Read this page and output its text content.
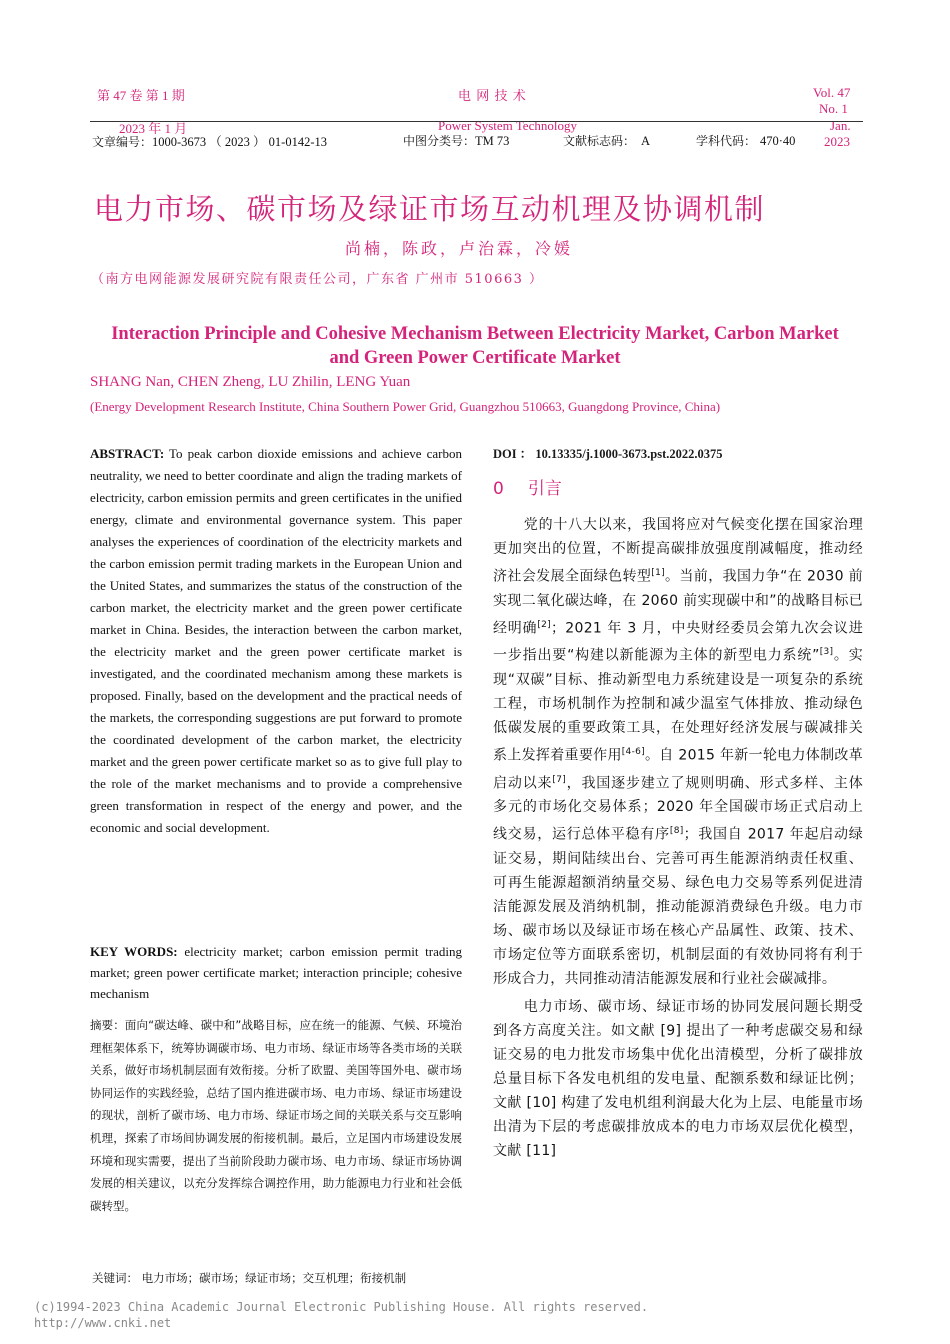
第 47 卷 第 1 期
2023 年 1 月
电 网 技 术
Power System Technology
Vol. 47
No. 1
Jan.
2023
文章编号：1000-3673 （ 2023 ） 01-0142-13	中图分类号：TM 73	文献标志码： A	学科代码： 470·40
电力市场、碳市场及绿证市场互动机理及协调机制
尚楠，陈政，卢治霖，冷媛
（南方电网能源发展研究院有限责任公司，广东省 广州市 510663 ）
Interaction Principle and Cohesive Mechanism Between Electricity Market, Carbon Market
and Green Power Certificate Market
SHANG Nan, CHEN Zheng, LU Zhilin, LENG Yuan
(Energy Development Research Institute, China Southern Power Grid, Guangzhou 510663, Guangdong Province, China)
ABSTRACT: To peak carbon dioxide emissions and achieve carbon neutrality, we need to better coordinate and align the trading markets of electricity, carbon emission permits and green certificates in the unified energy, climate and environmental governance system. This paper analyses the experiences of coordination of the electricity markets and the carbon emission permit trading markets in the European Union and the United States, and summarizes the status of the construction of the carbon market, the electricity market and the green power certificate market in China. Besides, the interaction between the carbon market, the electricity market and the green power certificate market is investigated, and the coordinated mechanism among these markets is proposed. Finally, based on the development and the practical needs of the markets, the corresponding suggestions are put forward to promote the coordinated development of the carbon market, the electricity market and the green power certificate market so as to give full play to the role of the market mechanisms and to provide a comprehensive green transformation in respect of the energy and power, and the economic and social development.
KEY WORDS: electricity market; carbon emission permit trading market; green power certificate market; interaction principle; cohesive mechanism
摘要：面向“碳达峰、碳中和”战略目标，应在统一的能源、气候、环境治理框架体系下，统筹协调碳市场、电力市场、绿证市场等各类市场的关联关系，做好市场机制层面有效衔接。分析了欧盟、美国等国外电、碳市场协同运作的实践经验，总结了国内推进碳市场、电力市场、绿证市场建设的现状，剖析了碳市场、电力市场、绿证市场之间的关联关系与交互影响机理，探索了市场间协调发展的衔接机制。最后，立足国内市场建设发展环境和现实需要，提出了当前阶段助力碳市场、电力市场、绿证市场协调发展的相关建议，以充分发挥综合调控作用，助力能源电力行业和社会低碳转型。
关键词： 电力市场；碳市场；绿证市场；交互机理；衔接机制
DOI ： 10.13335/j.1000-3673.pst.2022.0375
0 引言

党的十八大以来，我国将应对气候变化摆在国家治理更加突出的位置，不断提高碳排放强度削减幅度，推动经济社会发展全面绿色转型[1]。当前，我国力争“在 2030 前实现二氧化碳达峰，在 2060 前实现碳中和”的战略目标已经明确[2]；2021 年 3 月，中央财经委员会第九次会议进一步指出要“构建以新能源为主体的新型电力系统”[3]。实现“双碳”目标、推动新型电力系统建设是一项复杂的系统工程，市场机制作为控制和减少温室气体排放、推动绿色低碳发展的重要政策工具，在处理好经济发展与碳减排关系上发挥着重要作用[4-6]。自 2015 年新一轮电力体制改革启动以来[7]，我国逐步建立了规则明确、形式多样、主体多元的市场化交易体系；2020 年全国碳市场正式启动上线交易，运行总体平稳有序[8]；我国自 2017 年起启动绿证交易，期间陆续出台、完善可再生能源消纳责任权重、可再生能源超额消纳量交易、绿色电力交易等系列促进清洁能源发展及消纳机制，推动能源消费绿色升级。电力市场、碳市场以及绿证市场在核心产品属性、政策、技术、市场定位等方面联系密切，机制层面的有效协同将有利于形成合力，共同推动清洁能源发展和行业社会碳减排。

电力市场、碳市场、绿证市场的协同发展问题长期受到各方高度关注。如文献 [9] 提出了一种考虑碳交易和绿证交易的电力批发市场集中优化出清模型，分析了碳排放总量目标下各发电机组的发电量、配额系数和绿证比例；文献 [10] 构建了发电机组利润最大化为上层、电能量市场出清为下层的考虑碳排放成本的电力市场双层优化模型，文献 [11]

(c)1994-2023 China Academic Journal Electronic Publishing House. All rights reserved.
http://www.cnki.net
